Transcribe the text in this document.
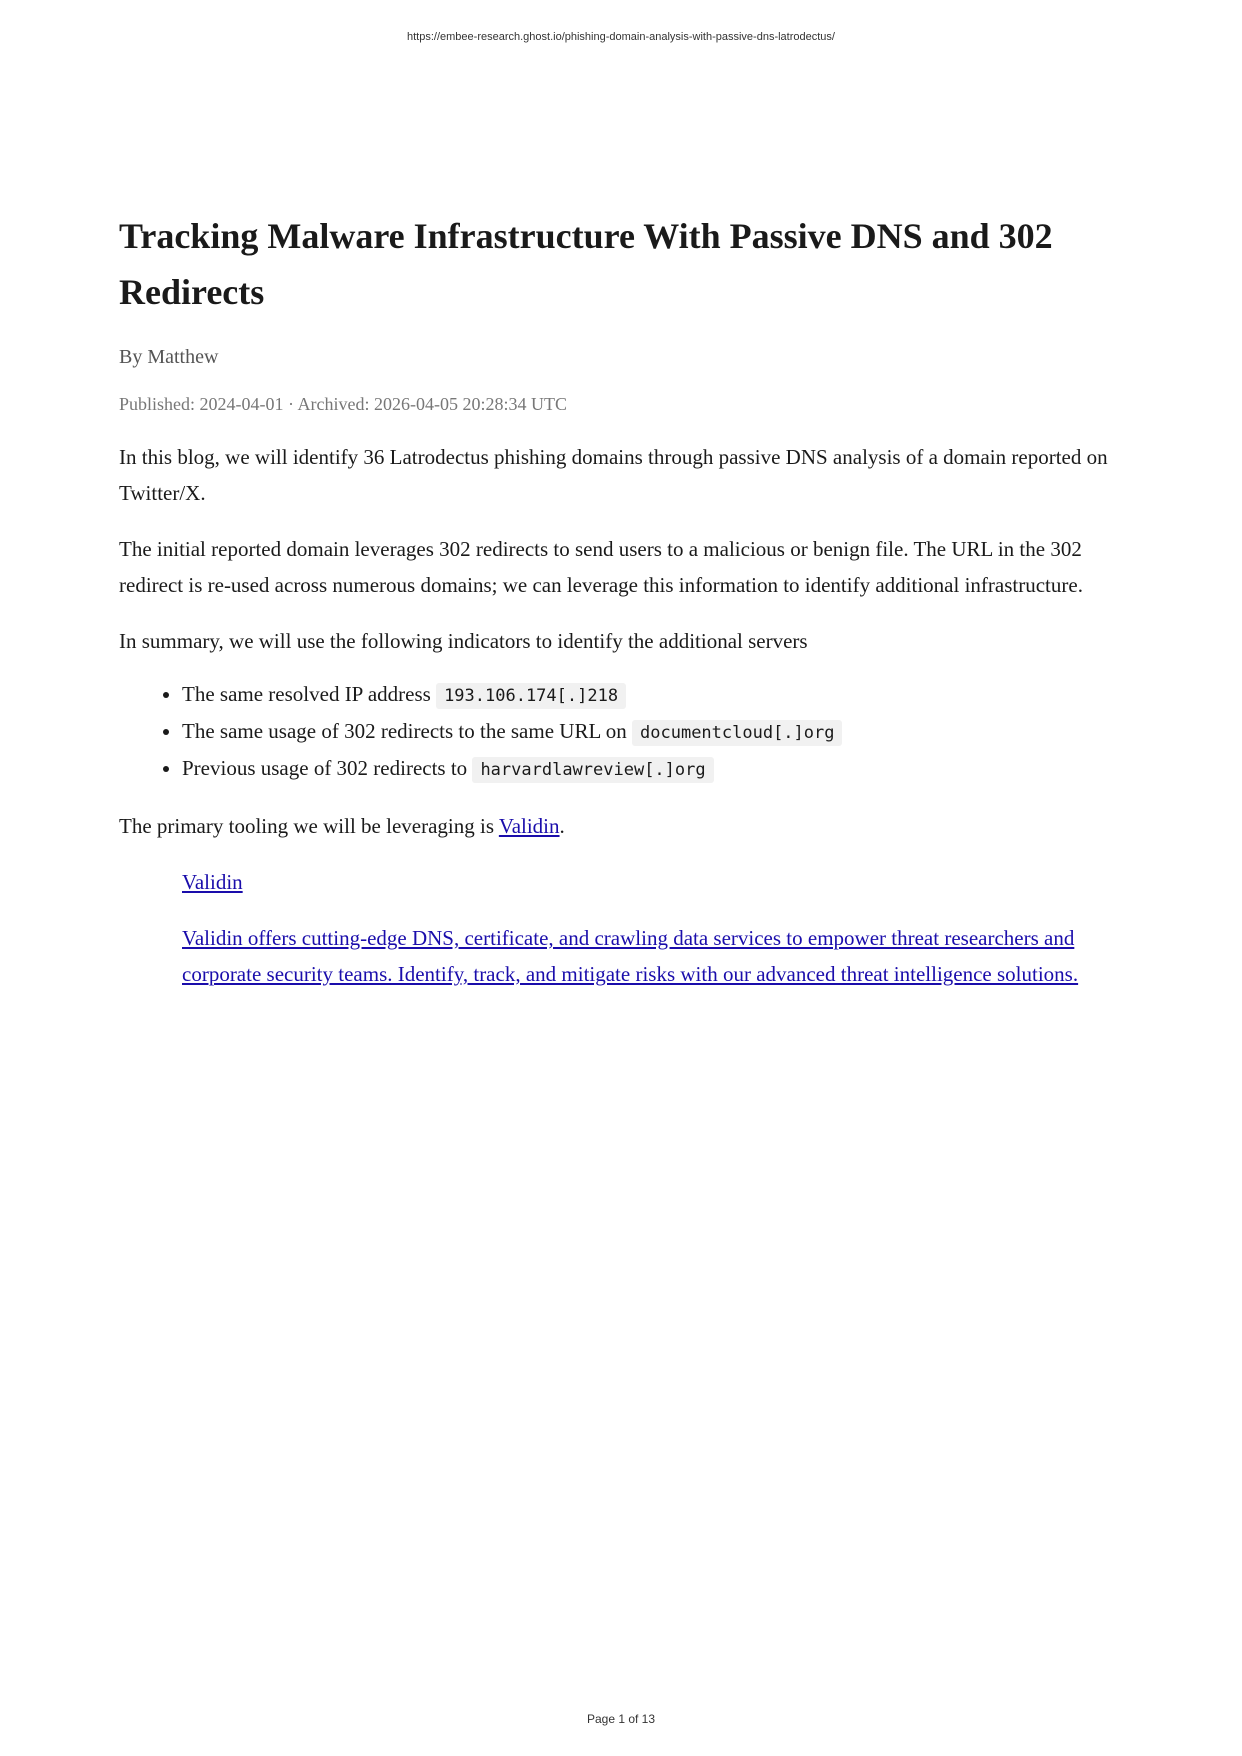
https://embee-research.ghost.io/phishing-domain-analysis-with-passive-dns-latrodectus/
Tracking Malware Infrastructure With Passive DNS and 302 Redirects
By Matthew
Published: 2024-04-01 · Archived: 2026-04-05 20:28:34 UTC

In this blog, we will identify 36 Latrodectus phishing domains through passive DNS analysis of a domain reported on Twitter/X.

The initial reported domain leverages 302 redirects to send users to a malicious or benign file. The URL in the 302 redirect is re-used across numerous domains; we can leverage this information to identify additional infrastructure.

In summary, we will use the following indicators to identify the additional servers

• The same resolved IP address 193.106.174[.]218
• The same usage of 302 redirects to the same URL on documentcloud[.]org
• Previous usage of 302 redirects to harvardlawreview[.]org

The primary tooling we will be leveraging is Validin.

Validin
Validin offers cutting-edge DNS, certificate, and crawling data services to empower threat researchers and corporate security teams. Identify, track, and mitigate risks with our advanced threat intelligence solutions.
Page 1 of 13
